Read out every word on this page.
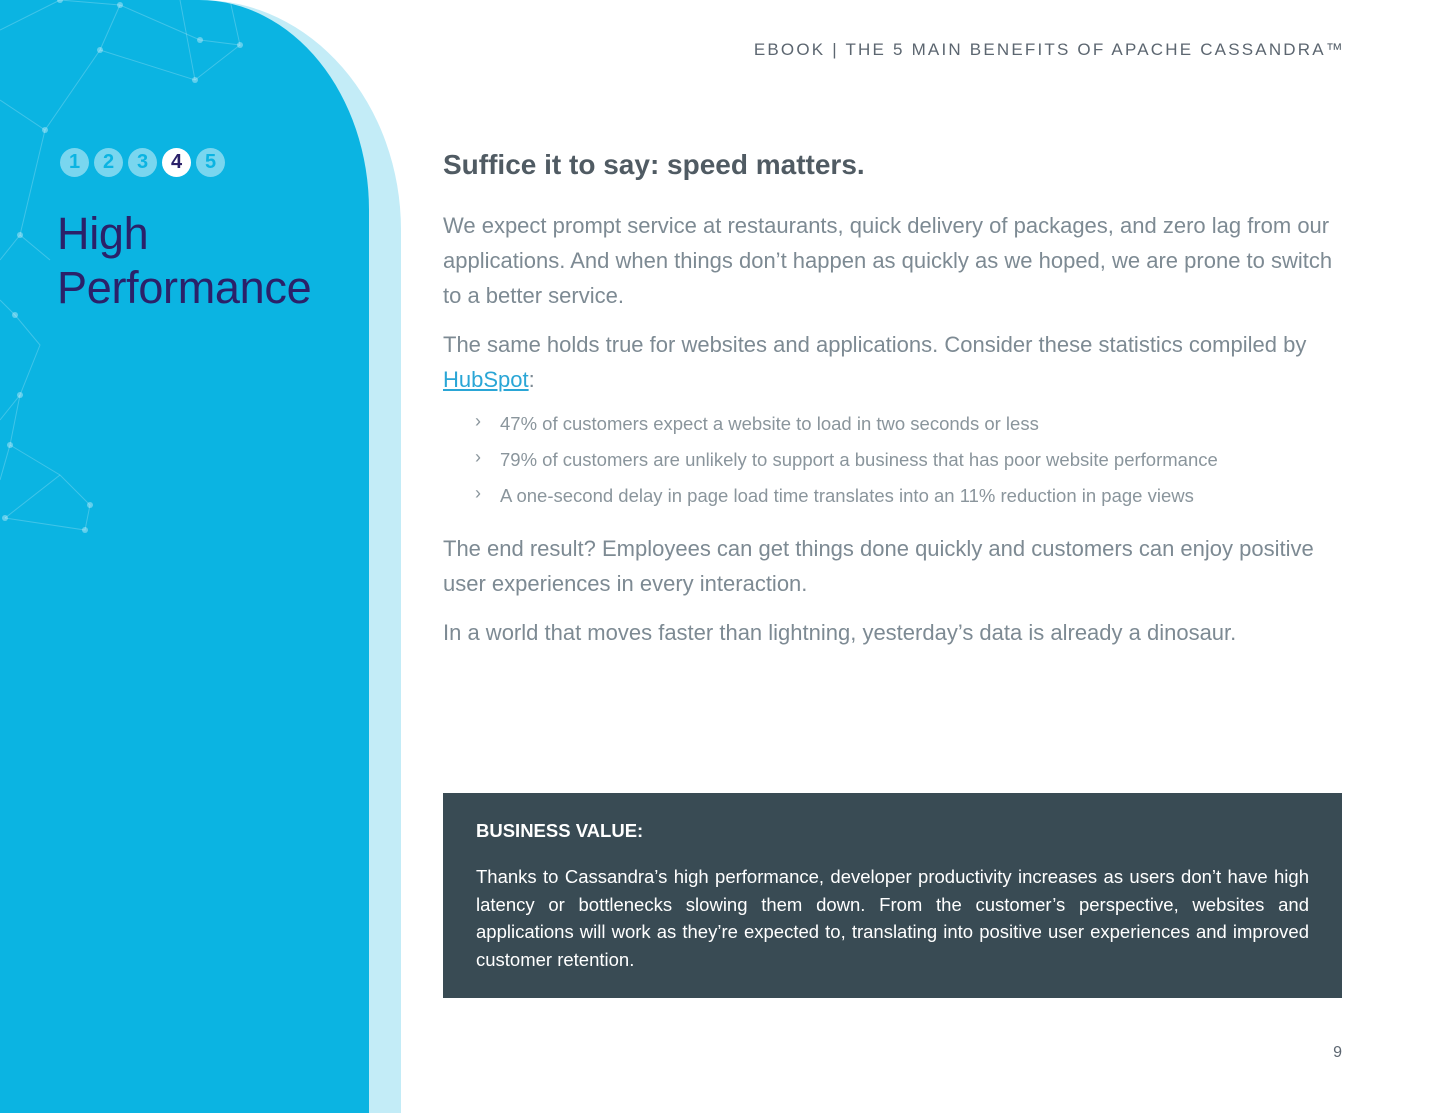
EBOOK | THE 5 MAIN BENEFITS OF APACHE CASSANDRA™
1	2	3	4	5
High
Performance
Suffice it to say: speed matters.

We expect prompt service at restaurants, quick delivery of packages, and zero lag from our applications. And when things don’t happen as quickly as we hoped, we are prone to switch to a better service.

The same holds true for websites and applications. Consider these statistics compiled by HubSpot:

›	47% of customers expect a website to load in two seconds or less
›	79% of customers are unlikely to support a business that has poor website performance
›	A one-second delay in page load time translates into an 11% reduction in page views

The end result? Employees can get things done quickly and customers can enjoy positive user experiences in every interaction.

In a world that moves faster than lightning, yesterday’s data is already a dinosaur.

BUSINESS VALUE:

Thanks to Cassandra’s high performance, developer productivity increases as users don’t have high latency or bottlenecks slowing them down. From the customer’s perspective, websites and applications will work as they’re expected to, translating into positive user experiences and improved customer retention.

9
